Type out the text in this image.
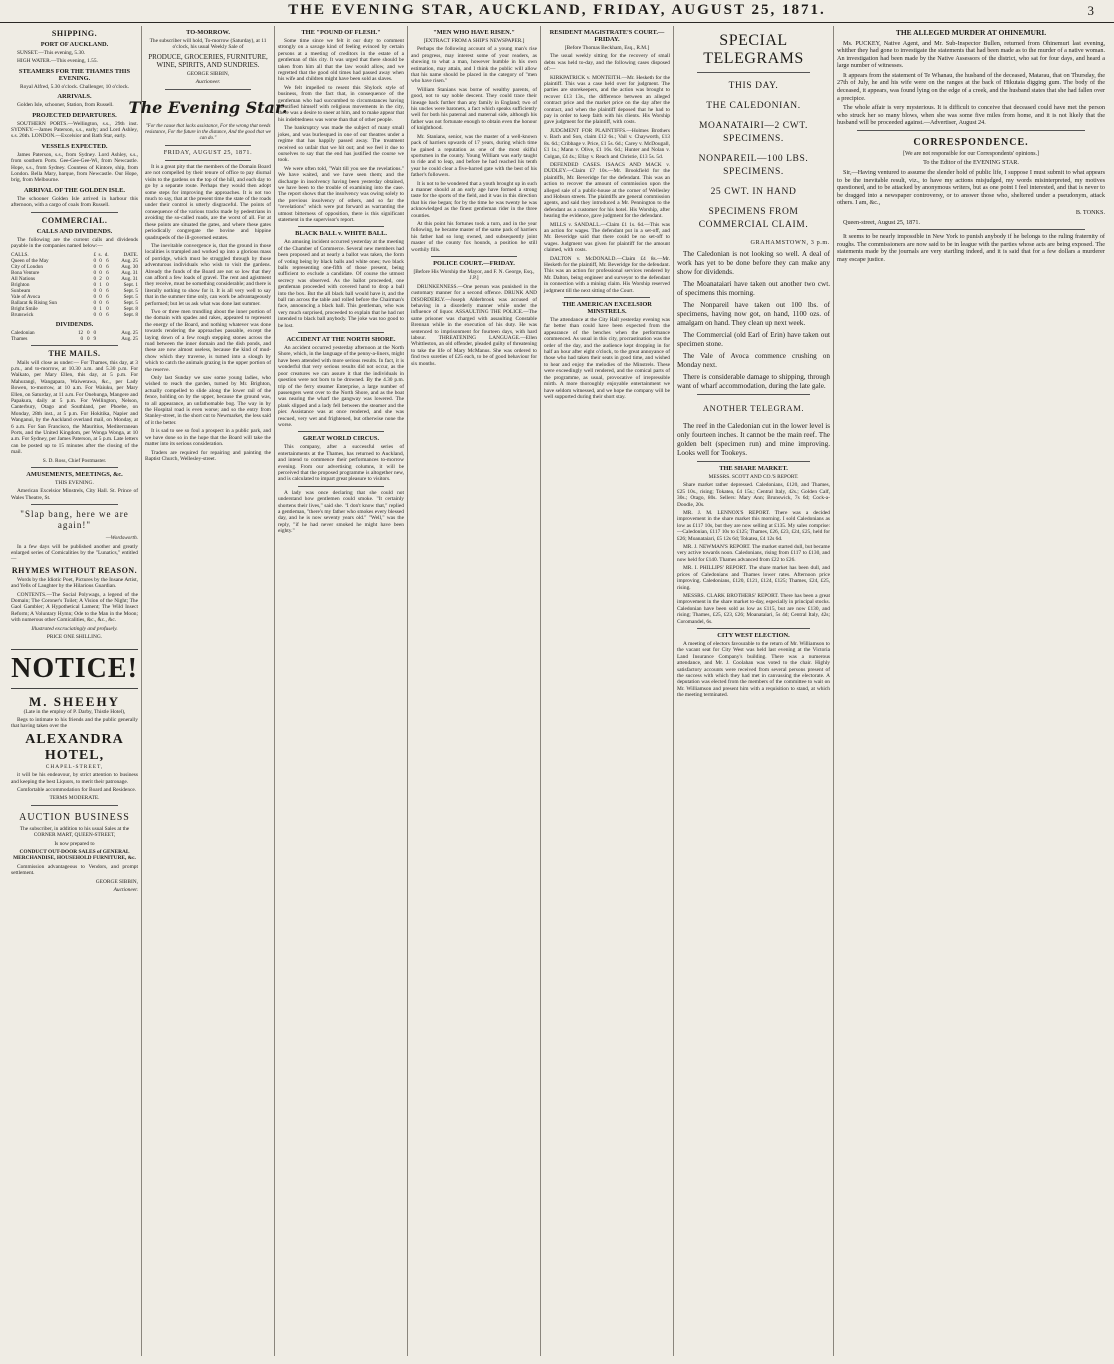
THE EVENING STAR, AUCKLAND, FRIDAY, AUGUST 25, 1871.	3
SHIPPING.
PORT OF AUCKLAND.

SUNSET.—This evening, 5.30.

HIGH WATER.—This evening, 1.55.

STEAMERS FOR THE THAMES THIS EVENING.

Royal Alfred, 5.30 o'clock. Challenger, 10 o'clock.

ARRIVALS.

Golden Isle, schooner, Station, from Russell.

PROJECTED DEPARTURES.

SOUTHERN PORTS.—Wellington, s.s., 29th inst. SYDNEY.—James Paterson, s.s., early; and Lord Ashley, s.s. 26th. LONDON.—Excelsior and Bath Star, early.

VESSELS EXPECTED.

James Paterson, s.s., from Sydney. Lord Ashley, s.s., from southern Ports. Gee-Gee-Gee-Wi, from Newcastle. Hope, s.s., from Sydney. Countess of Kintore, ship, from London. Bella Mary, barque, from Newcastle. Our Hope, brig, from Melbourne.

ARRIVAL OF THE GOLDEN ISLE.

The schooner Golden Isle arrived in harbour this afternoon, with a cargo of coals from Russell.

COMMERCIAL.
CALLS AND DIVIDENDS.

The following are the current calls and dividends payable in the companies named below:—

CALLS.	£	s.	d.	DATE.
Queen of the May	0	0	6	Aug. 25
City of London	0	0	6	Aug. 30
Bona Venture	0	0	6	Aug. 31
All Nations	0	2	0	Aug. 31
Brighton	0	1	0	Sept. 1
Sunbeam	0	0	6	Sept. 5
Vale of Avoca	0	0	6	Sept. 5
Ballarat & Rising Sun	0	0	6	Sept. 5
Bright Smile	0	1	0	Sept. 8
Brunswick	0	0	6	Sept. 8
DIVIDENDS.
Caledonian	12	0	0	Aug. 25
Thames	0	0	9	Aug. 25
THE MAILS.

Mails will close as under:— For Thames, this day, at 3 p.m., and to-morrow, at 10.30 a.m. and 5.30 p.m. For Waikato, per Mary Ellen, this day, at 5 p.m. For Mahurangi, Wangapara, Waiwerawa, &c., per Lady Bowen, to-morrow, at 10 a.m. For Waiuku, per Mary Ellen, on Saturday, at 11 a.m. For Onehunga, Mangere and Papakura, daily at 5 p.m. For Wellington, Nelson, Canterbury, Otago and Southland, per Phoebe, on Monday, 28th inst., at 5 p.m. For Hokitika, Napier and Wanganui, by the Auckland overland mail, on Monday, at 6 a.m. For San Francisco, the Mauritius, Mediterranean Ports, and the United Kingdom, per Wonga Wonga, at 10 a.m. For Sydney, per James Paterson, at 5 p.m. Late letters can be posted up to 15 minutes after the closing of the mail.

S. D. Ross, Chief Postmaster.

AMUSEMENTS, MEETINGS, &c.

THIS EVENING.

American Excelsior Minstrels, City Hall. St. Prince of Wales Theatre, St.

"Slap bang, here we are again!"

—Wordsworth.

In a few days will be published another and greatly enlarged series of Comicalities by the "Lunatics," entitled—

RHYMES WITHOUT REASON.

Words by the Idiotic Poet, Pictures by the Insane Artist, and Yells of Laughter by the Hilarious Guardian.

CONTENTS.—The Social Polywags, a legend of the Domain; The Coroner's Toilet; A Vision of the Night; The Gaol Gambler; A Hypothetical Lament; The Wild Insect Reform; A Voluntary Hymn; Ode to the Man in the Moon; with numerous other Comicalities, &c., &c., &c.

Illustrated excruciatingly and profusely.

PRICE ONE SHILLING.

NOTICE!
M. SHEEHY

(Late in the employ of P. Darby, Thistle Hotel),

Begs to intimate to his friends and the public generally that having taken over the

ALEXANDRA HOTEL,

CHAPEL-STREET,

it will be his endeavour, by strict attention to business and keeping the best Liquors, to merit their patronage.

Comfortable accommodation for Board and Residence.

TERMS MODERATE.

AUCTION BUSINESS

The subscriber, in addition to his usual Sales at the CORNER MART, QUEEN-STREET,

Is now prepared to

CONDUCT OUT-DOOR SALES of GENERAL MERCHANDISE, HOUSEHOLD FURNITURE, &c.

Commission advantageous to Vendors, and prompt settlement.

GEORGE SIBBIN,

Auctioneer.

TO-MORROW.

The subscriber will hold, To-morrow (Saturday), at 11 o'clock, his usual Weekly Sale of

PRODUCE, GROCERIES, FURNITURE, WINE, SPIRITS, AND SUNDRIES.

GEORGE SIBBIN,

Auctioneer.

The Evening Star.
"For the cause that lacks assistance, For the wrong that needs resistance, For the future in the distance, And the good that we can do."
FRIDAY, AUGUST 25, 1871.

It is a great pity that the members of the Domain Board are not compelled by their tenure of office to pay diurnal visits to the gardens on the top of the hill, and each day to go by a separate route. Perhaps they would then adopt some steps for improving the approaches. It is not too much to say, that at the present time the state of the roads under their control is utterly disgraceful. The points of consequence of the various tracks made by pedestrians in avoiding the so-called roads, are the worst of all. For at these points are situated the gates, and where these gates periodically congregate the bovine and hippine quadrupeds of the ill-governed estates.

The inevitable convergence is, that the ground in those localities is trampled and worked up into a glorious mass of porridge, which must be struggled through by those adventurous individuals who wish to visit the gardens. Already the funds of the Board are not so low that they can afford a few loads of gravel. The rent and agistment they receive, must be something considerable; and there is literally nothing to show for it. It is all very well to say that in the summer time only, can work be advantageously performed; but let us ask what was done last summer.

Two or three men trundling about the inner portion of the domain with spades and rakes, appeared to represent the energy of the Board, and nothing whatever was done towards rendering the approaches passable, except the laying down of a few rough stepping stones across the road between the inner domain and the dish ponds, and these are now almost useless, because the kind of mud-chow which they traverse, is turned into a slough by which to catch the animals grazing in the upper portion of the reserve.

Only last Sunday we saw some young ladies, who wished to reach the garden, turned by Mr. Brighton, actually compelled to slide along the lower rail of the fence, holding on by the upper, because the ground was, to all appearance, an unfathomable bog. The way in by the Hospital road is even worse; and so the entry from Stanley-street, in the short cut to Newmarket, the less said of it the better.

It is sad to see so foul a prospect in a public park, and we have done so in the hope that the Board will take the matter into its serious consideration.

Traders are required for repairing and painting the Baptist Church, Wellesley-street.

THE "POUND OF FLESH."

Some time since we felt it our duty to comment strongly on a savage kind of feeling evinced by certain persons at a meeting of creditors in the estate of a gentleman of this city. It was urged that there should be taken from him all that the law would allow, and we regretted that the good old times had passed away when his wife and children might have been sold as slaves.

We felt impelled to resent this Shylock style of business, from the fact that, in consequence of the gentleman who had succumbed to circumstances having identified himself with religious movements in the city, there was a desire to sneer at him, and to make appear that his indebtedness was worse than that of other people.

The bankruptcy was made the subject of many small jokes, and was burlesqued in one of our theatres under a regime that has happily passed away. The treatment received so unfair that we hit out; and we feel it due to ourselves to say that the end has justified the course we took.

We were often told, "Wait till you see the revelations." We have waited, and we have seen them; and the discharge in insolvency having been yesterday obtained, we have been to the trouble of examining into the case. The report shows that the insolvency was owing solely to the previous insolvency of others, and so far the "revelations" which were put forward as warranting the utmost bitterness of opposition, there is this significant statement in the supervisor's report.

BLACK BALL v. WHITE BALL.

An amusing incident occurred yesterday at the meeting of the Chamber of Commerce. Several new members had been proposed and at nearly a ballot was taken, the form of voting being by black balls and white ones; two black balls representing one-fifth of those present, being sufficient to exclude a candidate. Of course the utmost secrecy was observed. As the ballot proceeded, one gentleman proceeded with covered hand to drop a ball into the box. But the all black ball would have it, and the ball ran across the table and rolled before the Chairman's face, announcing a black ball. This gentleman, who was very much surprised, proceeded to explain that he had not intended to black ball anybody. The joke was too good to be lost.

ACCIDENT AT THE NORTH SHORE.

An accident occurred yesterday afternoon at the North Shore, which, in the language of the penny-a-liners, might have been attended with more serious results. In fact, it is wonderful that very serious results did not occur, as the poor creatures we can assure it that the individuals in question were not born to be drowned. By the 4.30 p.m. trip of the ferry steamer Enterprise, a large number of passengers went over to the North Shore, and as the boat was nearing the wharf the gangway was lowered. The plank slipped and a lady fell between the steamer and the pier. Assistance was at once rendered, and she was rescued, very wet and frightened, but otherwise none the worse.

GREAT WORLD CIRCUS.

This company, after a successful series of entertainments at the Thames, has returned to Auckland, and intend to commence their performances to-morrow evening. From our advertising columns, it will be perceived that the proposed programme is altogether new, and is calculated to impart great pleasure to visitors.

A lady was once declaring that she could not understand how gentlemen could smoke. "It certainly shortens their lives," said she. "I don't know that," replied a gentleman, "there's my father who smokes every blessed day, and he is now seventy years old." "Well," was the reply, "if he had never smoked he might have been eighty."

"MEN WHO HAVE RISEN."

[EXTRACT FROM A SHIP'S NEWSPAPER.]

Perhaps the following account of a young man's rise and progress, may interest some of your readers, as showing to what a man, however humble in his own estimation, may attain, and I think the public will allow that his name should be placed in the category of "men who have risen."

William Stanians was borne of wealthy parents, of good, not to say noble descent. They could trace their lineage back further than any family in England; two of his uncles were baronets, a fact which speaks sufficiently well for both his paternal and maternal side, although his father was not fortunate enough to obtain even the honour of knighthood.

Mr. Stanians, senior, was the master of a well-known pack of harriers upwards of 17 years, during which time he gained a reputation as one of the most skilful sportsmen in the county. Young William was early taught to ride and to leap, and before he had reached his tenth year he could clear a five-barred gate with the best of his father's followers.

It is not to be wondered that a youth brought up in such a manner should at an early age have formed a strong taste for the sports of the field, and it was in this direction that his rise began; for by the time he was twenty he was acknowledged as the finest gentleman rider in the three counties.

At this point his fortunes took a turn, and in the year following, he became master of the same pack of harriers his father had so long owned, and subsequently joint master of the county fox hounds, a position he still worthily fills.

POLICE COURT.—FRIDAY.

[Before His Worship the Mayor, and F. N. George, Esq., J.P.]

DRUNKENNESS.—One person was punished in the customary manner for a second offence. DRUNK AND DISORDERLY.—Joseph Alderbrook was accused of behaving in a disorderly manner while under the influence of liquor. ASSAULTING THE POLICE.—The same prisoner was charged with assaulting Constable Brennan while in the execution of his duty. He was sentenced to imprisonment for fourteen days, with hard labour. THREATENING LANGUAGE.—Ellen Whittleston, an old offender, pleaded guilty of threatening to take the life of Mary McManus. She was ordered to find two sureties of £25 each, to be of good behaviour for six months.

RESIDENT MAGISTRATE'S COURT.—FRIDAY.

[Before Thomas Beckham, Esq., R.M.]

The usual weekly sitting for the recovery of small debts was held to-day, and the following cases disposed of:—

KIRKPATRICK v. MONTEITH.—Mr. Hesketh for the plaintiff. This was a case held over for judgment. The parties are storekeepers, and the action was brought to recover £13 13s., the difference between an alleged contract price and the market price on the day after the contract, and when the plaintiff deposed that he had to pay in order to keep faith with his clients. His Worship gave judgment for the plaintiff, with costs.

JUDGMENT FOR PLAINTIFFS.—Holmes Brothers v. Bach and Son, claim £12 6s.; Vail v. Chayworth, £13 8s. 6d.; Cribbage v. Price, £1 5s. 6d.; Carey v. McDougall, £1 1s.; Mann v. Olive, £1 16s. 6d.; Hunter and Nolan v. Colgan, £4 4s.; Ellay v. Reach and Christie, £13 5s. 5d.

DEFENDED CASES. ISAACS AND MACK v. DUDLEY.—Claim £7 10s.—Mr. Brookfield for the plaintiffs, Mr. Beveridge for the defendant. This was an action to recover the amount of commission upon the alleged sale of a public-house at the corner of Wellesley and Hobson streets. The plaintiffs are general commission agents, and said they introduced a Mr. Pennington to the defendant as a customer for his hotel. His Worship, after hearing the evidence, gave judgment for the defendant.

MILLS v. SANDALL.—Claim £1 1s. 6d.—This was an action for wages. The defendant put in a set-off, and Mr. Beveridge said that there could be no set-off to wages. Judgment was given for plaintiff for the amount claimed, with costs.

DALTON v. McDONALD.—Claim £4 8s.—Mr. Hesketh for the plaintiff, Mr. Beveridge for the defendant. This was an action for professional services rendered by Mr. Dalton, being engineer and surveyor to the defendant in connection with a mining claim. His Worship reserved judgment till the next sitting of the Court.

THE AMERICAN EXCELSIOR MINSTRELS.

The attendance at the City Hall yesterday evening was far better than could have been expected from the appearance of the benches when the performance commenced. As usual in this city, procrastination was the order of the day, and the audience kept dropping in for half an hour after eight o'clock, to the great annoyance of those who had taken their seats in good time, and wished to hear and enjoy the melodies of the Minstrels. These were exceedingly well rendered, and the comical parts of the programme, as usual, provocative of irrepressible mirth. A more thoroughly enjoyable entertainment we have seldom witnessed, and we hope the company will be well supported during their short stay.

SPECIAL TELEGRAMS
THIS DAY.
THE CALEDONIAN.
MOANATAIRI—2 CWT. SPECIMENS.
NONPAREIL—100 LBS. SPECIMENS.
25 CWT. IN HAND
SPECIMENS FROM COMMERCIAL CLAIM.
GRAHAMSTOWN, 3 p.m.

The Caledonian is not looking so well. A deal of work has yet to be done before they can make any show for dividends.

The Moanataiari have taken out another two cwt. of specimens this morning.

The Nonpareil have taken out 100 lbs. of specimens, having now got, on hand, 1100 ozs. of amalgam on hand. They clean up next week.

The Commercial (old Earl of Erin) have taken out specimen stone.

The Vale of Avoca commence crushing on Monday next.

There is considerable damage to shipping, through want of wharf accommodation, during the late gale.

ANOTHER TELEGRAM.

The reef in the Caledonian cut in the lower level is only fourteen inches. It cannot be the main reef. The golden belt (specimen run) and mine improving. Looks well for Tookeys.

THE SHARE MARKET.

MESSRS. SCOTT AND CO.'S REPORT.

Share market rather depressed. Caledonians, £120, and Thames, £25 10s., rising; Tokatea, £4 15s.; Central Italy, 42s.; Golden Calf, 30s.; Otago, 80s. Sellers: Mary Ann; Brunswick, 7s 6d; Cock-a-Doodle, 20s.

MR. J. M. LENNOX'S REPORT. There was a decided improvement in the share market this morning. I sold Caledonians as low as £117 10s, but they are now selling at £135. My sales comprise:—Caledonian, £117 10s to £125; Thames, £26, £23, £24, £25, held for £26; Moanataiari, £5 12s 6d; Tokatea, £4 12s 6d.

MR. J. NEWMAN'S REPORT. The market started dull, but became very active towards noon. Caledonians, rising from £117 to £130, and now held for £140. Thames advanced from £22 to £26.

MR. I. PHILLIPS' REPORT. The share market has been dull, and prices of Caledonians and Thames lower rates. Afternoon price improving. Caledonians, £120, £121, £124, £125; Thames, £24, £25, rising.

MESSRS. CLARK BROTHERS' REPORT. There has been a great improvement in the share market to-day, especially in principal stocks. Caledonian have been sold as low as £115, but are now £130, and rising; Thames, £25, £23, £26; Moanataiari, 5s 4d; Central Italy, 42s; Coromandel, 6s.

CITY WEST ELECTION.

A meeting of electors favourable to the return of Mr. Williamson to the vacant seat for City West was held last evening at the Victoria Land Insurance Company's building. There was a numerous attendance, and Mr. J. Coolahan was voted to the chair. Highly satisfactory accounts were received from several persons present of the success with which they had met in canvassing the electorate. A deputation was elected from the members of the committee to wait on Mr. Williamson and present him with a requisition to stand, at which the meeting terminated.

THE ALLEGED MURDER AT OHINEMURI.

Ms. PUCKEY, Native Agent, and Mr. Sub-Inspector Bullen, returned from Ohinemuri last evening, whither they had gone to investigate the statements that had been made as to the murder of a native woman. An investigation had been made by the Native Assessors of the district, who sat for four days, and heard a large number of witnesses.

It appears from the statement of Te Whanau, the husband of the deceased, Matarau, that on Thursday, the 27th of July, he and his wife were on the ranges at the back of Hikutaia digging gum. The body of the deceased, it appears, was found lying on the edge of a creek, and the husband states that she had fallen over a precipice.

The whole affair is very mysterious. It is difficult to conceive that deceased could have met the person who struck her so many blows, when she was some five miles from home, and it is not likely that the husband will be proceeded against.—Advertiser, August 24.

CORRESPONDENCE.

[We are not responsible for our Correspondents' opinions.]

To the Editor of the EVENING STAR.

Sir,—Having ventured to assume the slender hold of public life, I suppose I must submit to what appears to be the inevitable result, viz., to have my actions misjudged, my words misinterpreted, my motives questioned, and to be attacked by anonymous writers, but as one point I feel interested, and that is never to be dragged into a newspaper controversy, or to answer those who, sheltered under a pseudonym, attack others. I am, &c.,

B. TONKS.

Queen-street, August 25, 1871.

It seems to be nearly impossible in New York to punish anybody if he belongs to the ruling fraternity of roughs. The commissioners are now said to be in league with the parties whose acts are being exposed. The statements made by the journals are very startling indeed, and it is said that for a few dollars a murderer may escape justice.
